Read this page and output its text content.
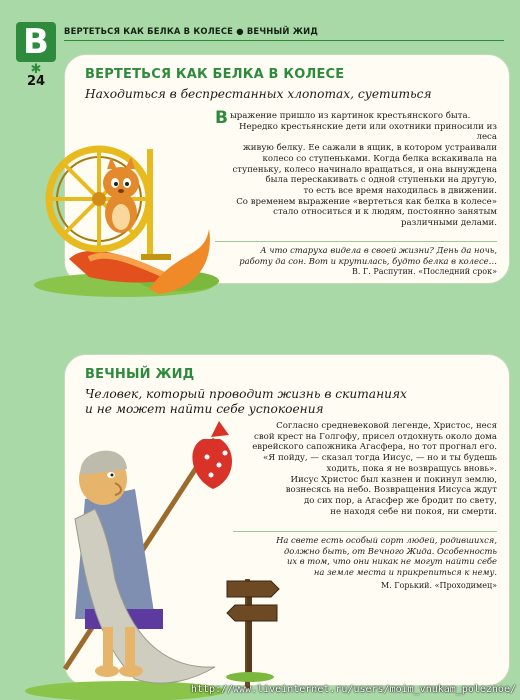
В
✱
24
ВЕРТЕТЬСЯ КАК БЕЛКА В КОЛЕСЕ ● ВЕЧНЫЙ ЖИД
ВЕРТЕТЬСЯ КАК БЕЛКА В КОЛЕСЕ
Находиться в беспрестанных хлопотах, суетиться
В ыражение пришло из картинок крестьянского быта.
Нередко крестьянские дети или охотники приносили из леса
живую белку. Ее сажали в ящик, в котором устраивали
колесо со ступеньками. Когда белка вскакивала на
ступеньку, колесо начинало вращаться, и она вынуждена
была перескакивать с одной ступеньки на другую,
то есть все время находилась в движении.
Со временем выражение «вертеться как белка в колесе»
стало относиться и к людям, постоянно занятым
различными делами.
А что старуха видела в своей жизни? День да ночь,
работу да сон. Вот и крутилась, будто белка в колесе…
В. Г. Распутин. «Последний срок»
ВЕЧНЫЙ ЖИД
Человек, который проводит жизнь в скитаниях
и не может найти себе успокоения
Согласно средневековой легенде, Христос, неся
свой крест на Голгофу, присел отдохнуть около дома
еврейского сапожника Агасфера, но тот прогнал его.
«Я пойду, — сказал тогда Иисус, — но и ты будешь
ходить, пока я не возвращусь вновь».
Иисус Христос был казнен и покинул землю,
вознесясь на небо. Возвращения Иисуса ждут
до сих пор, а Агасфер же бродит по свету,
не находя себе ни покоя, ни смерти.
На свете есть особый сорт людей, родившихся,
должно быть, от Вечного Жида. Особенность
их в том, что они никак не могут найти себе
на земле места и прикрепиться к нему.
М. Горький. «Проходимец»
http://www.liveinternet.ru/users/moim_vnukam_poleznoe/
